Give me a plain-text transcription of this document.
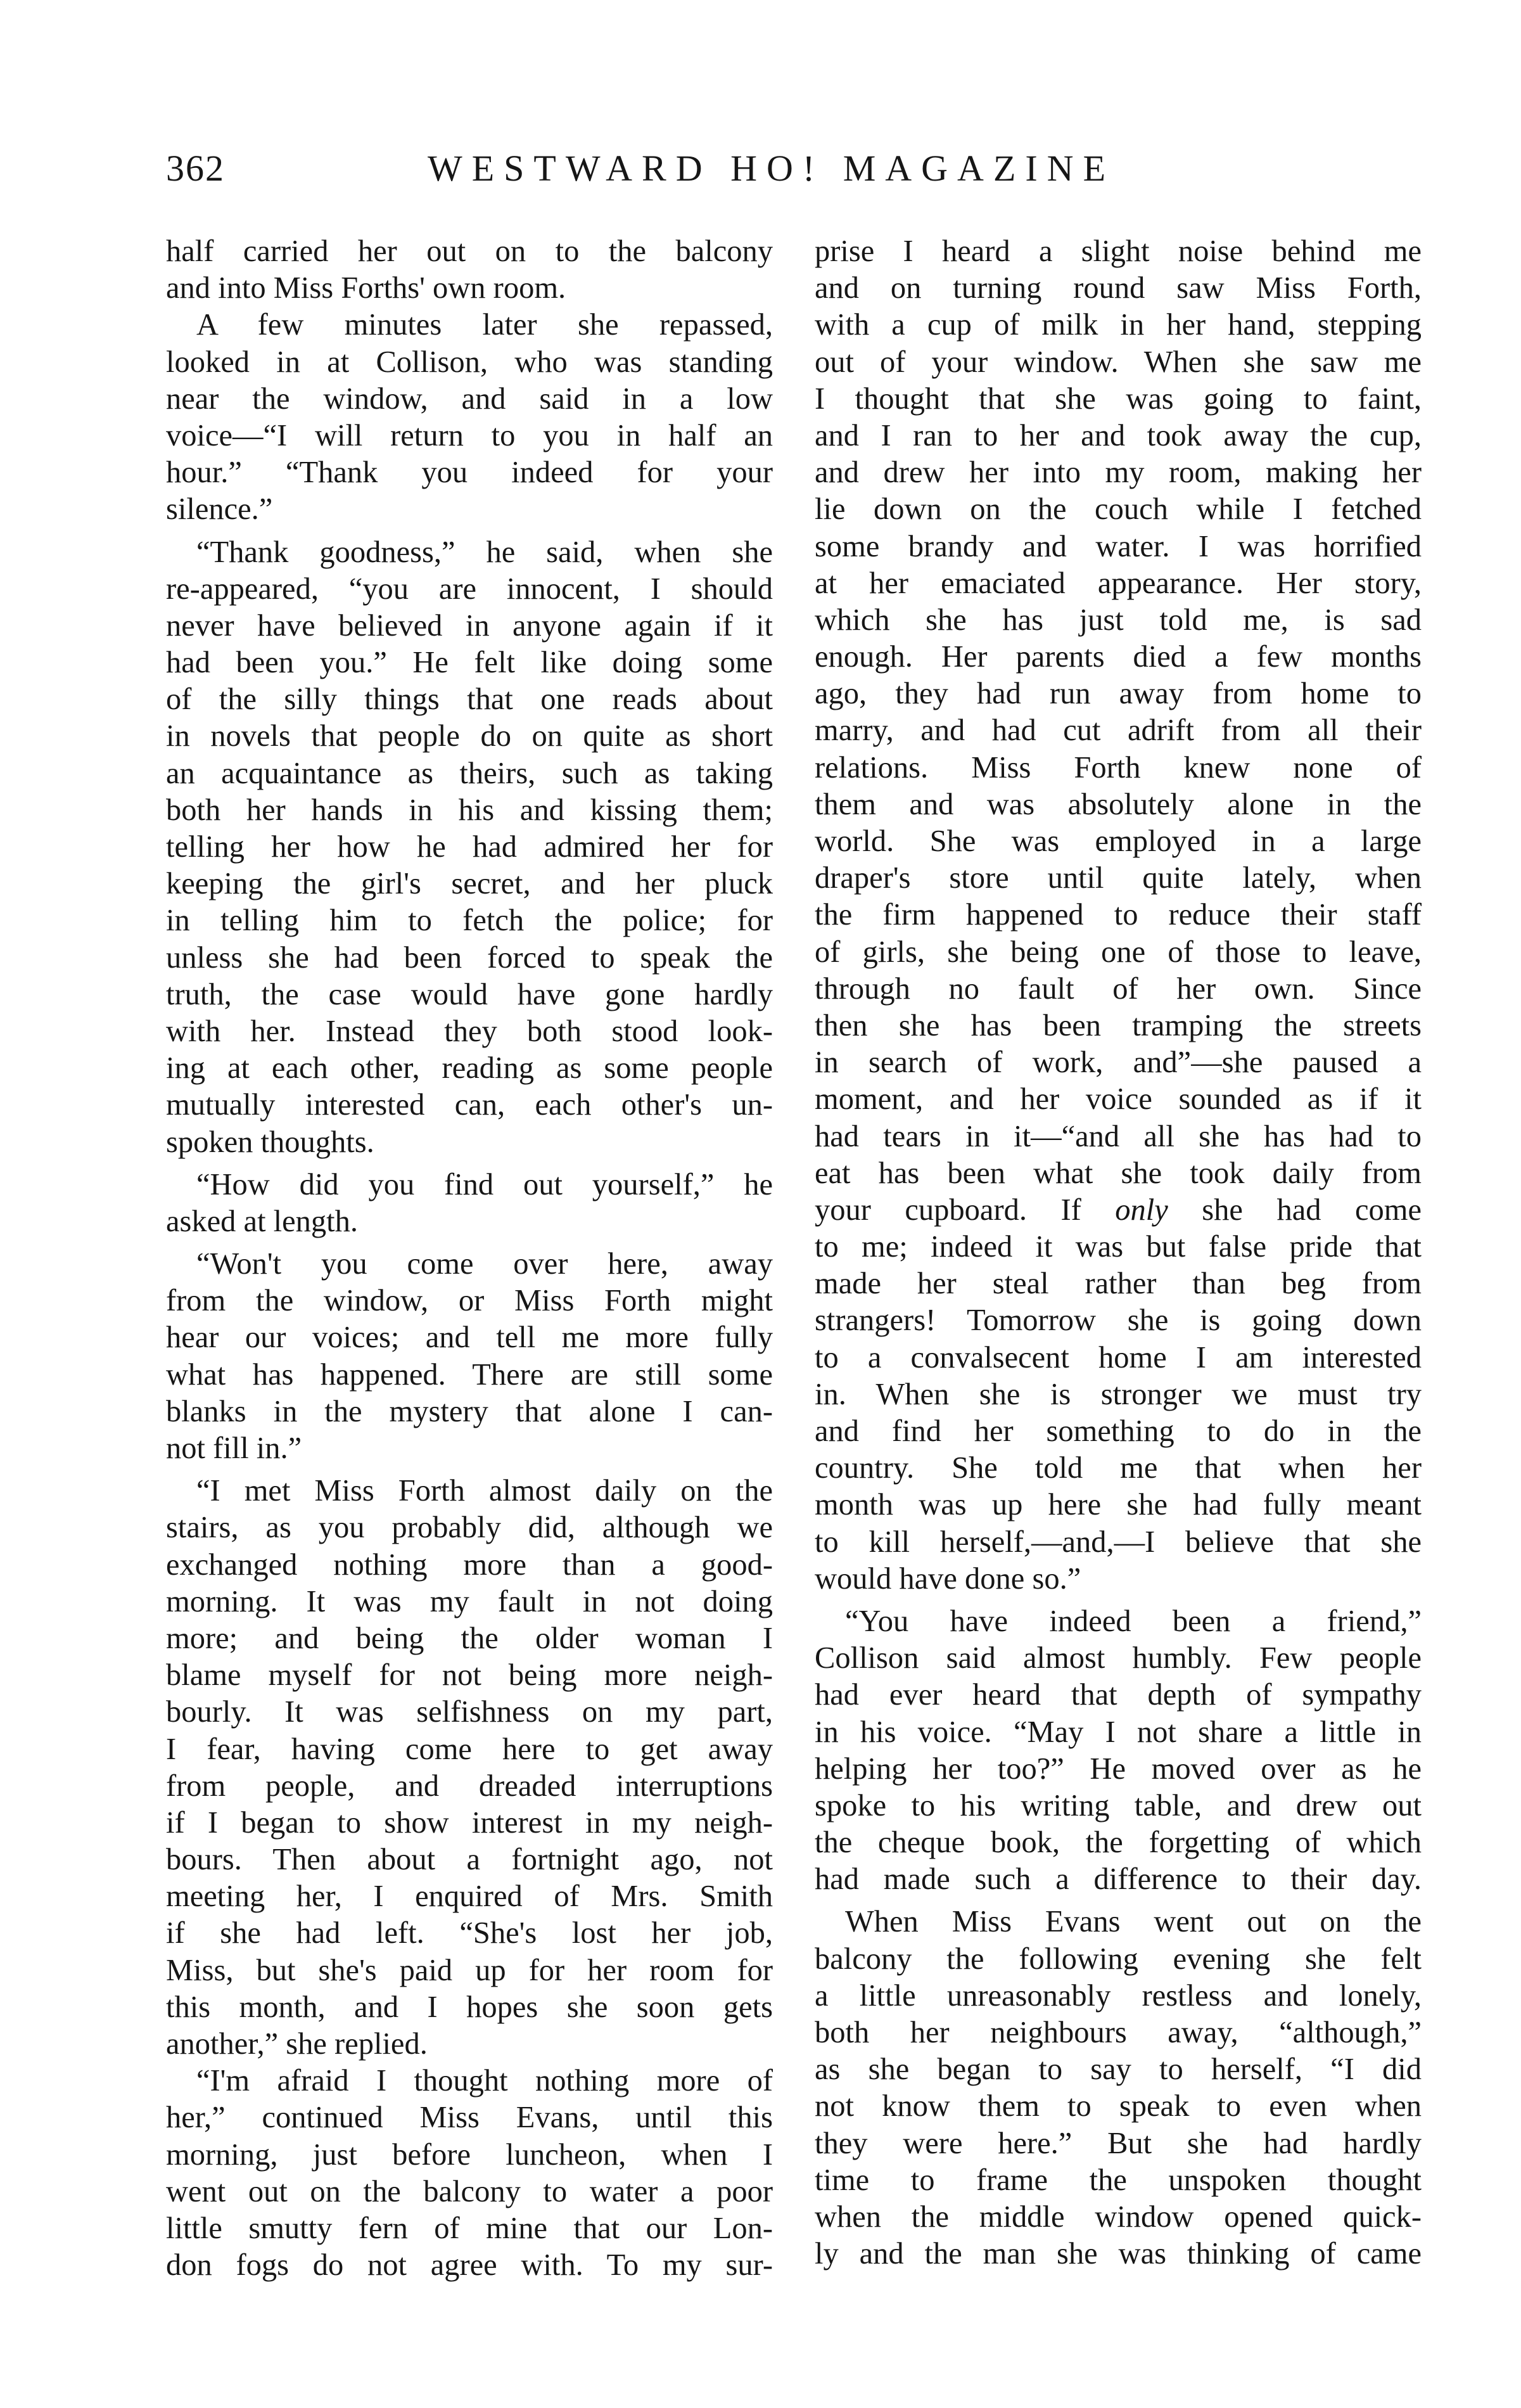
362	WESTWARD HO! MAGAZINE
half carried her out on to the balcony
and into Miss Forths' own room.
A few minutes later she repassed,
looked in at Collison, who was standing
near the window, and said in a low
voice—“I will return to you in half an
hour.” “Thank you indeed for your
silence.”
“Thank goodness,” he said, when she
re-appeared, “you are innocent, I should
never have believed in anyone again if it
had been you.” He felt like doing some
of the silly things that one reads about
in novels that people do on quite as short
an acquaintance as theirs, such as taking
both her hands in his and kissing them;
telling her how he had admired her for
keeping the girl's secret, and her pluck
in telling him to fetch the police; for
unless she had been forced to speak the
truth, the case would have gone hardly
with her. Instead they both stood look-
ing at each other, reading as some people
mutually interested can, each other's un-
spoken thoughts.
“How did you find out yourself,” he
asked at length.
“Won't you come over here, away
from the window, or Miss Forth might
hear our voices; and tell me more fully
what has happened. There are still some
blanks in the mystery that alone I can-
not fill in.”
“I met Miss Forth almost daily on the
stairs, as you probably did, although we
exchanged nothing more than a good-
morning. It was my fault in not doing
more; and being the older woman I
blame myself for not being more neigh-
bourly. It was selfishness on my part,
I fear, having come here to get away
from people, and dreaded interruptions
if I began to show interest in my neigh-
bours. Then about a fortnight ago, not
meeting her, I enquired of Mrs. Smith
if she had left. “She's lost her job,
Miss, but she's paid up for her room for
this month, and I hopes she soon gets
another,” she replied.
“I'm afraid I thought nothing more of
her,” continued Miss Evans, until this
morning, just before luncheon, when I
went out on the balcony to water a poor
little smutty fern of mine that our Lon-
don fogs do not agree with. To my sur-
prise I heard a slight noise behind me
and on turning round saw Miss Forth,
with a cup of milk in her hand, stepping
out of your window. When she saw me
I thought that she was going to faint,
and I ran to her and took away the cup,
and drew her into my room, making her
lie down on the couch while I fetched
some brandy and water. I was horrified
at her emaciated appearance. Her story,
which she has just told me, is sad
enough. Her parents died a few months
ago, they had run away from home to
marry, and had cut adrift from all their
relations. Miss Forth knew none of
them and was absolutely alone in the
world. She was employed in a large
draper's store until quite lately, when
the firm happened to reduce their staff
of girls, she being one of those to leave,
through no fault of her own. Since
then she has been tramping the streets
in search of work, and”—she paused a
moment, and her voice sounded as if it
had tears in it—“and all she has had to
eat has been what she took daily from
your cupboard. If only she had come
to me; indeed it was but false pride that
made her steal rather than beg from
strangers! Tomorrow she is going down
to a convalsecent home I am interested
in. When she is stronger we must try
and find her something to do in the
country. She told me that when her
month was up here she had fully meant
to kill herself,—and,—I believe that she
would have done so.”
“You have indeed been a friend,”
Collison said almost humbly. Few people
had ever heard that depth of sympathy
in his voice. “May I not share a little in
helping her too?” He moved over as he
spoke to his writing table, and drew out
the cheque book, the forgetting of which
had made such a difference to their day.
When Miss Evans went out on the
balcony the following evening she felt
a little unreasonably restless and lonely,
both her neighbours away, “although,”
as she began to say to herself, “I did
not know them to speak to even when
they were here.” But she had hardly
time to frame the unspoken thought
when the middle window opened quick-
ly and the man she was thinking of came
